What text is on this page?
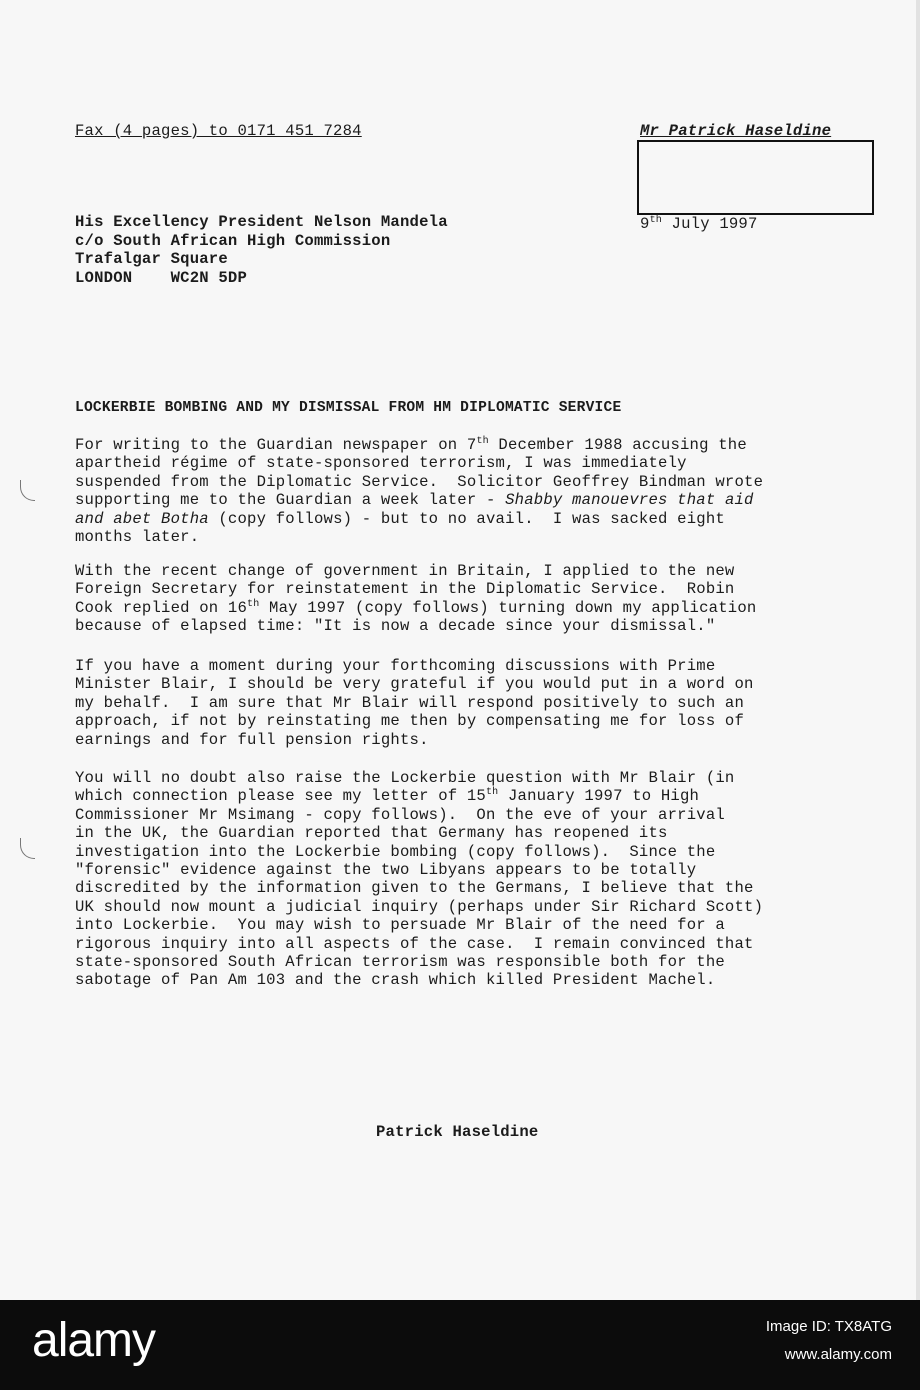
Fax (4 pages) to 0171 451 7284	Mr Patrick Haseldine
9th July 1997
His Excellency President Nelson Mandela
c/o South African High Commission
Trafalgar Square
LONDON    WC2N 5DP
LOCKERBIE BOMBING AND MY DISMISSAL FROM HM DIPLOMATIC SERVICE
For writing to the Guardian newspaper on 7th December 1988 accusing the
apartheid régime of state-sponsored terrorism, I was immediately
suspended from the Diplomatic Service.  Solicitor Geoffrey Bindman wrote
supporting me to the Guardian a week later - Shabby manouevres that aid
and abet Botha (copy follows) - but to no avail.  I was sacked eight
months later.
With the recent change of government in Britain, I applied to the new
Foreign Secretary for reinstatement in the Diplomatic Service.  Robin
Cook replied on 16th May 1997 (copy follows) turning down my application
because of elapsed time: "It is now a decade since your dismissal."
If you have a moment during your forthcoming discussions with Prime
Minister Blair, I should be very grateful if you would put in a word on
my behalf.  I am sure that Mr Blair will respond positively to such an
approach, if not by reinstating me then by compensating me for loss of
earnings and for full pension rights.
You will no doubt also raise the Lockerbie question with Mr Blair (in
which connection please see my letter of 15th January 1997 to High
Commissioner Mr Msimang - copy follows).  On the eve of your arrival
in the UK, the Guardian reported that Germany has reopened its
investigation into the Lockerbie bombing (copy follows).  Since the
"forensic" evidence against the two Libyans appears to be totally
discredited by the information given to the Germans, I believe that the
UK should now mount a judicial inquiry (perhaps under Sir Richard Scott)
into Lockerbie.  You may wish to persuade Mr Blair of the need for a
rigorous inquiry into all aspects of the case.  I remain convinced that
state-sponsored South African terrorism was responsible both for the
sabotage of Pan Am 103 and the crash which killed President Machel.
Patrick Haseldine
alamy	Image ID: TX8ATG
www.alamy.com
